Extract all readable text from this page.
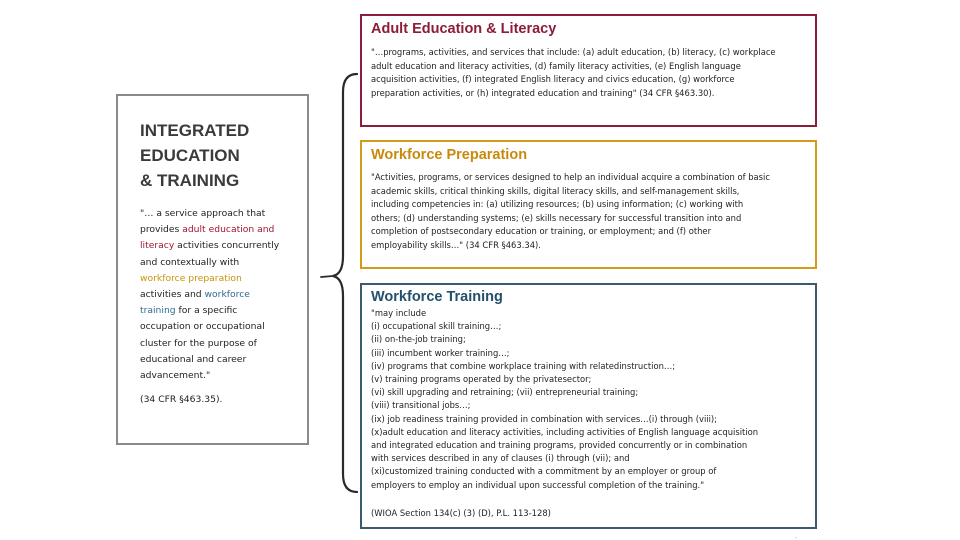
INTEGRATED
EDUCATION
& TRAINING
"… a service approach that
provides adult education and
literacy activities concurrently
and contextually with
workforce preparation
activities and workforce
training for a specific
occupation or occupational
cluster for the purpose of
educational and career
advancement."
(34 CFR §463.35).
Adult Education & Literacy
"…programs, activities, and services that include: (a) adult education, (b) literacy, (c) workplace
adult education and literacy activities, (d) family literacy activities, (e) English language
acquisition activities, (f) integrated English literacy and civics education, (g) workforce
preparation activities, or (h) integrated education and training" (34 CFR §463.30).
Workforce Preparation
"Activities, programs, or services designed to help an individual acquire a combination of basic
academic skills, critical thinking skills, digital literacy skills, and self-management skills,
including competencies in: (a) utilizing resources; (b) using information; (c) working with
others; (d) understanding systems; (e) skills necessary for successful transition into and
completion of postsecondary education or training, or employment; and (f) other
employability skills…" (34 CFR §463.34).
Workforce Training
"may include
(i) occupational skill training…;
(ii) on-the-job training;
(iii) incumbent worker training…;
(iv) programs that combine workplace training with relatedinstruction…;
(v) training programs operated by the privatesector;
(vi) skill upgrading and retraining; (vii) entrepreneurial training;
(viii) transitional jobs…;
(ix) job readiness training provided in combination with services…(i) through (viii);
(x)adult education and literacy activities, including activities of English language acquisition
and integrated education and training programs, provided concurrently or in combination
with services described in any of clauses (i) through (vii); and
(xi)customized training conducted with a commitment by an employer or group of
employers to employ an individual upon successful completion of the training."
(WIOA Section 134(c) (3) (D), P.L. 113-128)
.
